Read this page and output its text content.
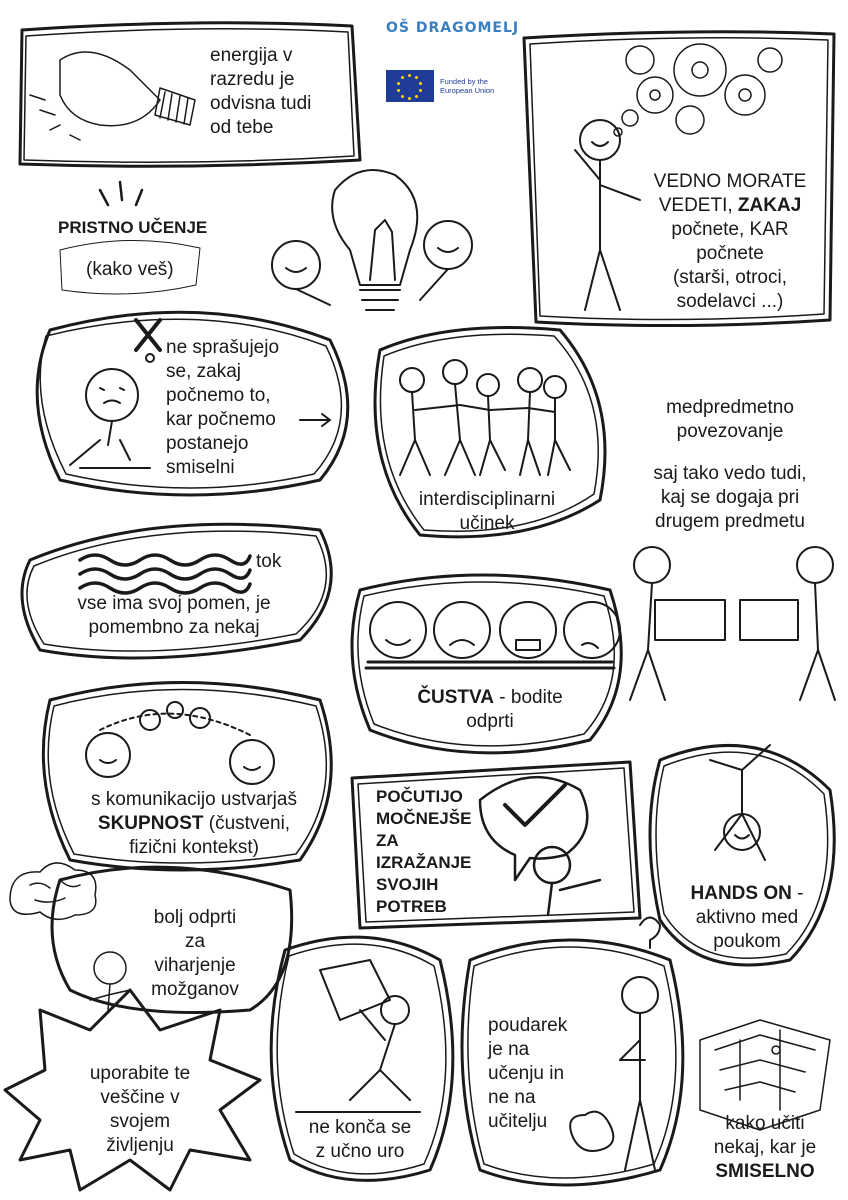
OŠ DRAGOMELJ
Funded by the
European Union
energija v
razredu je
odvisna tudi
od tebe
PRISTNO UČENJE
(kako veš)
VEDNO MORATE
VEDETI, ZAKAJ
počnete, KAR
počnete
(starši, otroci,
sodelavci ...)
ne sprašujejo
se, zakaj
počnemo to,
kar počnemo
postanejo
smiselni
interdisciplinarni
učinek
medpredmetno
povezovanje
saj tako vedo tudi,
kaj se dogaja pri
drugem predmetu
tok
vse ima svoj pomen, je
pomembno za nekaj
ČUSTVA - bodite
odprti
s komunikacijo ustvarjaš
SKUPNOST (čustveni,
fizični kontekst)
POČUTIJO
MOČNEJŠE
ZA
IZRAŽANJE
SVOJIH
POTREB
HANDS ON -
aktivno med
poukom
bolj odprti
za
viharjenje
možganov
uporabite te
veščine v
svojem
življenju
ne konča se
z učno uro
poudarek
je na
učenju in
ne na
učitelju	kako učiti
nekaj, kar je
SMISELNO
